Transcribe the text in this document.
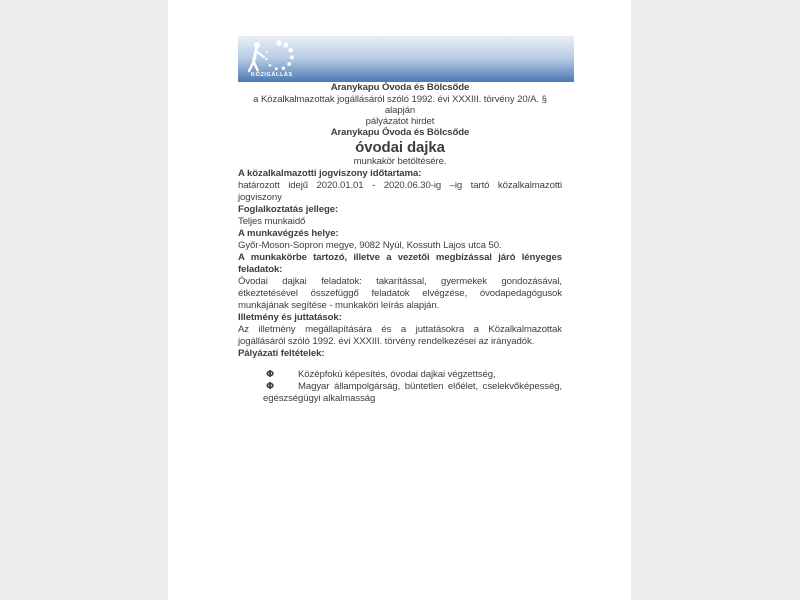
KÖZIGÁLLÁS

Aranykapu Óvoda és Bölcsőde

a Közalkalmazottak jogállásáról szóló 1992. évi XXXIII. törvény 20/A. § alapján

pályázatot hirdet

Aranykapu Óvoda és Bölcsőde

óvodai dajka

munkakör betöltésére.

A közalkalmazotti jogviszony időtartama:

határozott idejű 2020.01.01 - 2020.06.30-ig –ig tartó közalkalmazotti jogviszony

Foglalkoztatás jellege:

Teljes munkaidő

A munkavégzés helye:

Győr-Moson-Sopron megye, 9082 Nyúl, Kossuth Lajos utca 50.

A munkakörbe tartozó, illetve a vezetői megbízással járó lényeges feladatok:

Óvodai dajkai feladatok: takarítással, gyermekek gondozásával, étkeztetésével összefüggő feladatok elvégzése, óvodapedagógusok munkájának segítése - munkaköri leírás alapján.

Illetmény és juttatások:

Az illetmény megállapítására és a juttatásokra a Közalkalmazottak jogállásáról szóló 1992. évi XXXIII. törvény rendelkezései az irányadók.

Pályázati feltételek:

Φ Középfokú képesítés, óvodai dajkai végzettség,
Φ Magyar állampolgárság, büntetlen előélet, cselekvőképesség, egészségügyi alkalmasság
